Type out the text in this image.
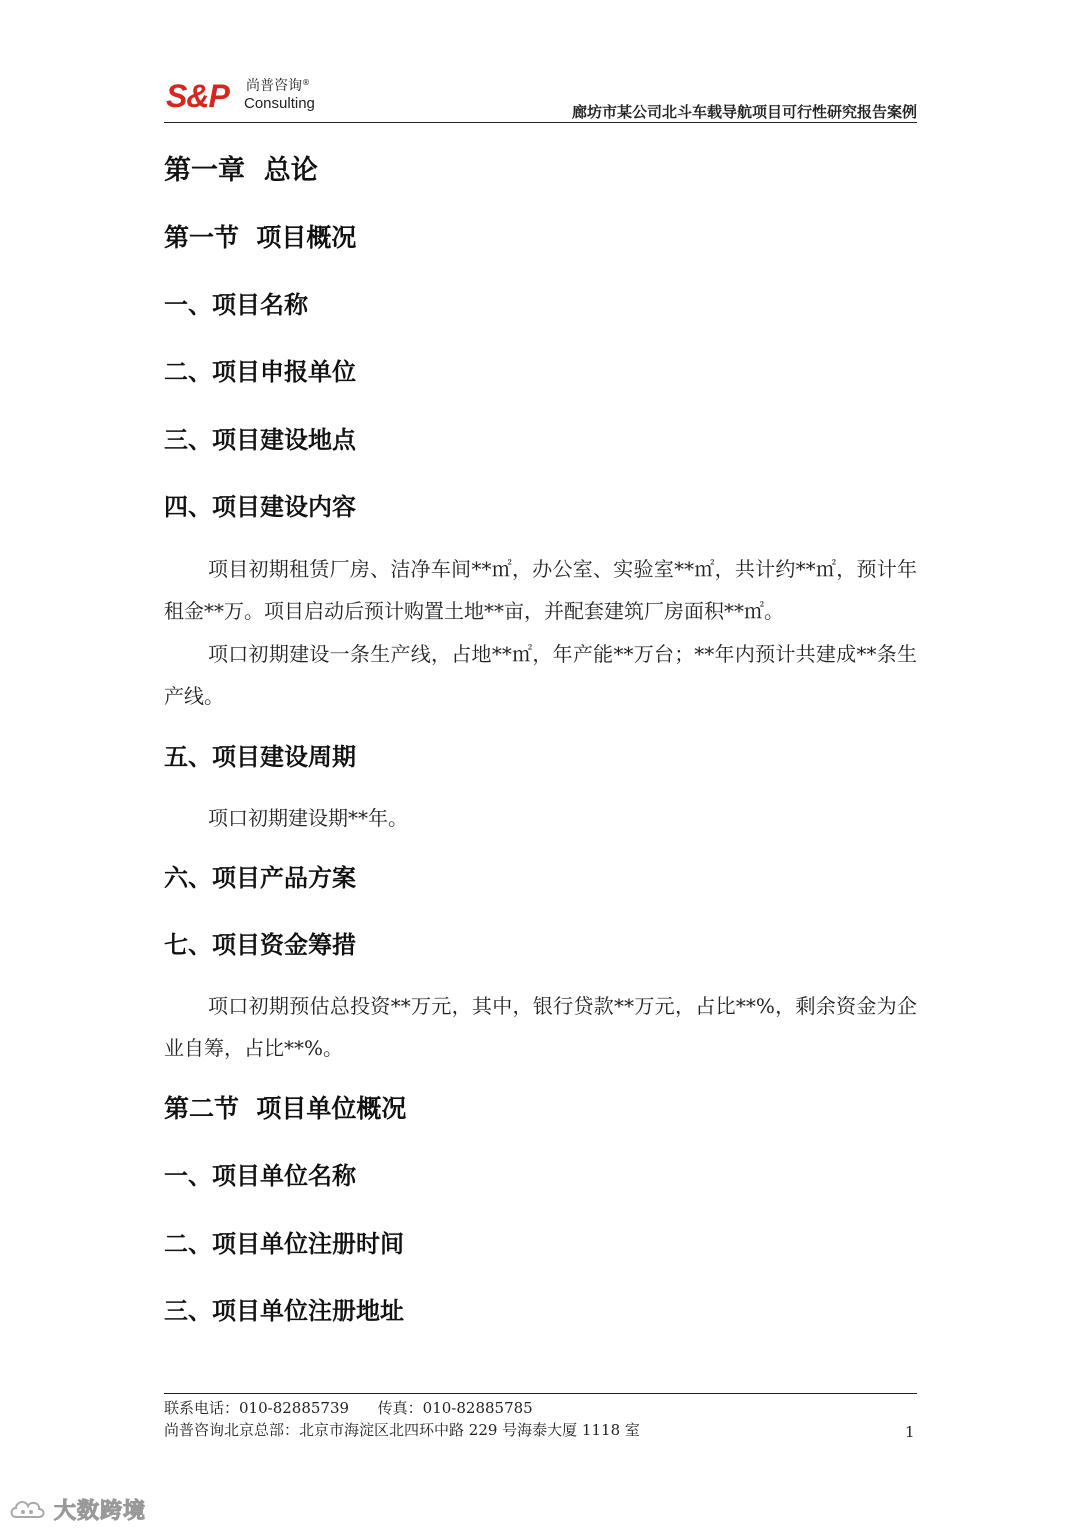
S&P 尚普咨询®
Consulting	廊坊市某公司北斗车载导航项目可行性研究报告案例
第一章  总论
第一节  项目概况
一、项目名称
二、项目申报单位
三、项目建设地点
四、项目建设内容
项目初期租赁厂房、洁净车间**㎡，办公室、实验室**㎡，共计约**㎡，预计年租金**万。项目启动后预计购置土地**亩，并配套建筑厂房面积**㎡。
项口初期建设一条生产线，占地**㎡，年产能**万台；**年内预计共建成**条生产线。
五、项目建设周期
项口初期建设期**年。
六、项目产品方案
七、项目资金筹措
项口初期预估总投资**万元，其中，银行贷款**万元，占比**%，剩余资金为企业自筹，占比**%。
第二节  项目单位概况
一、项目单位名称
二、项目单位注册时间
三、项目单位注册地址
联系电话：010-82885739      传真：010-82885785
尚普咨询北京总部：北京市海淀区北四环中路 229 号海泰大厦 1118 室	1
大数跨境
